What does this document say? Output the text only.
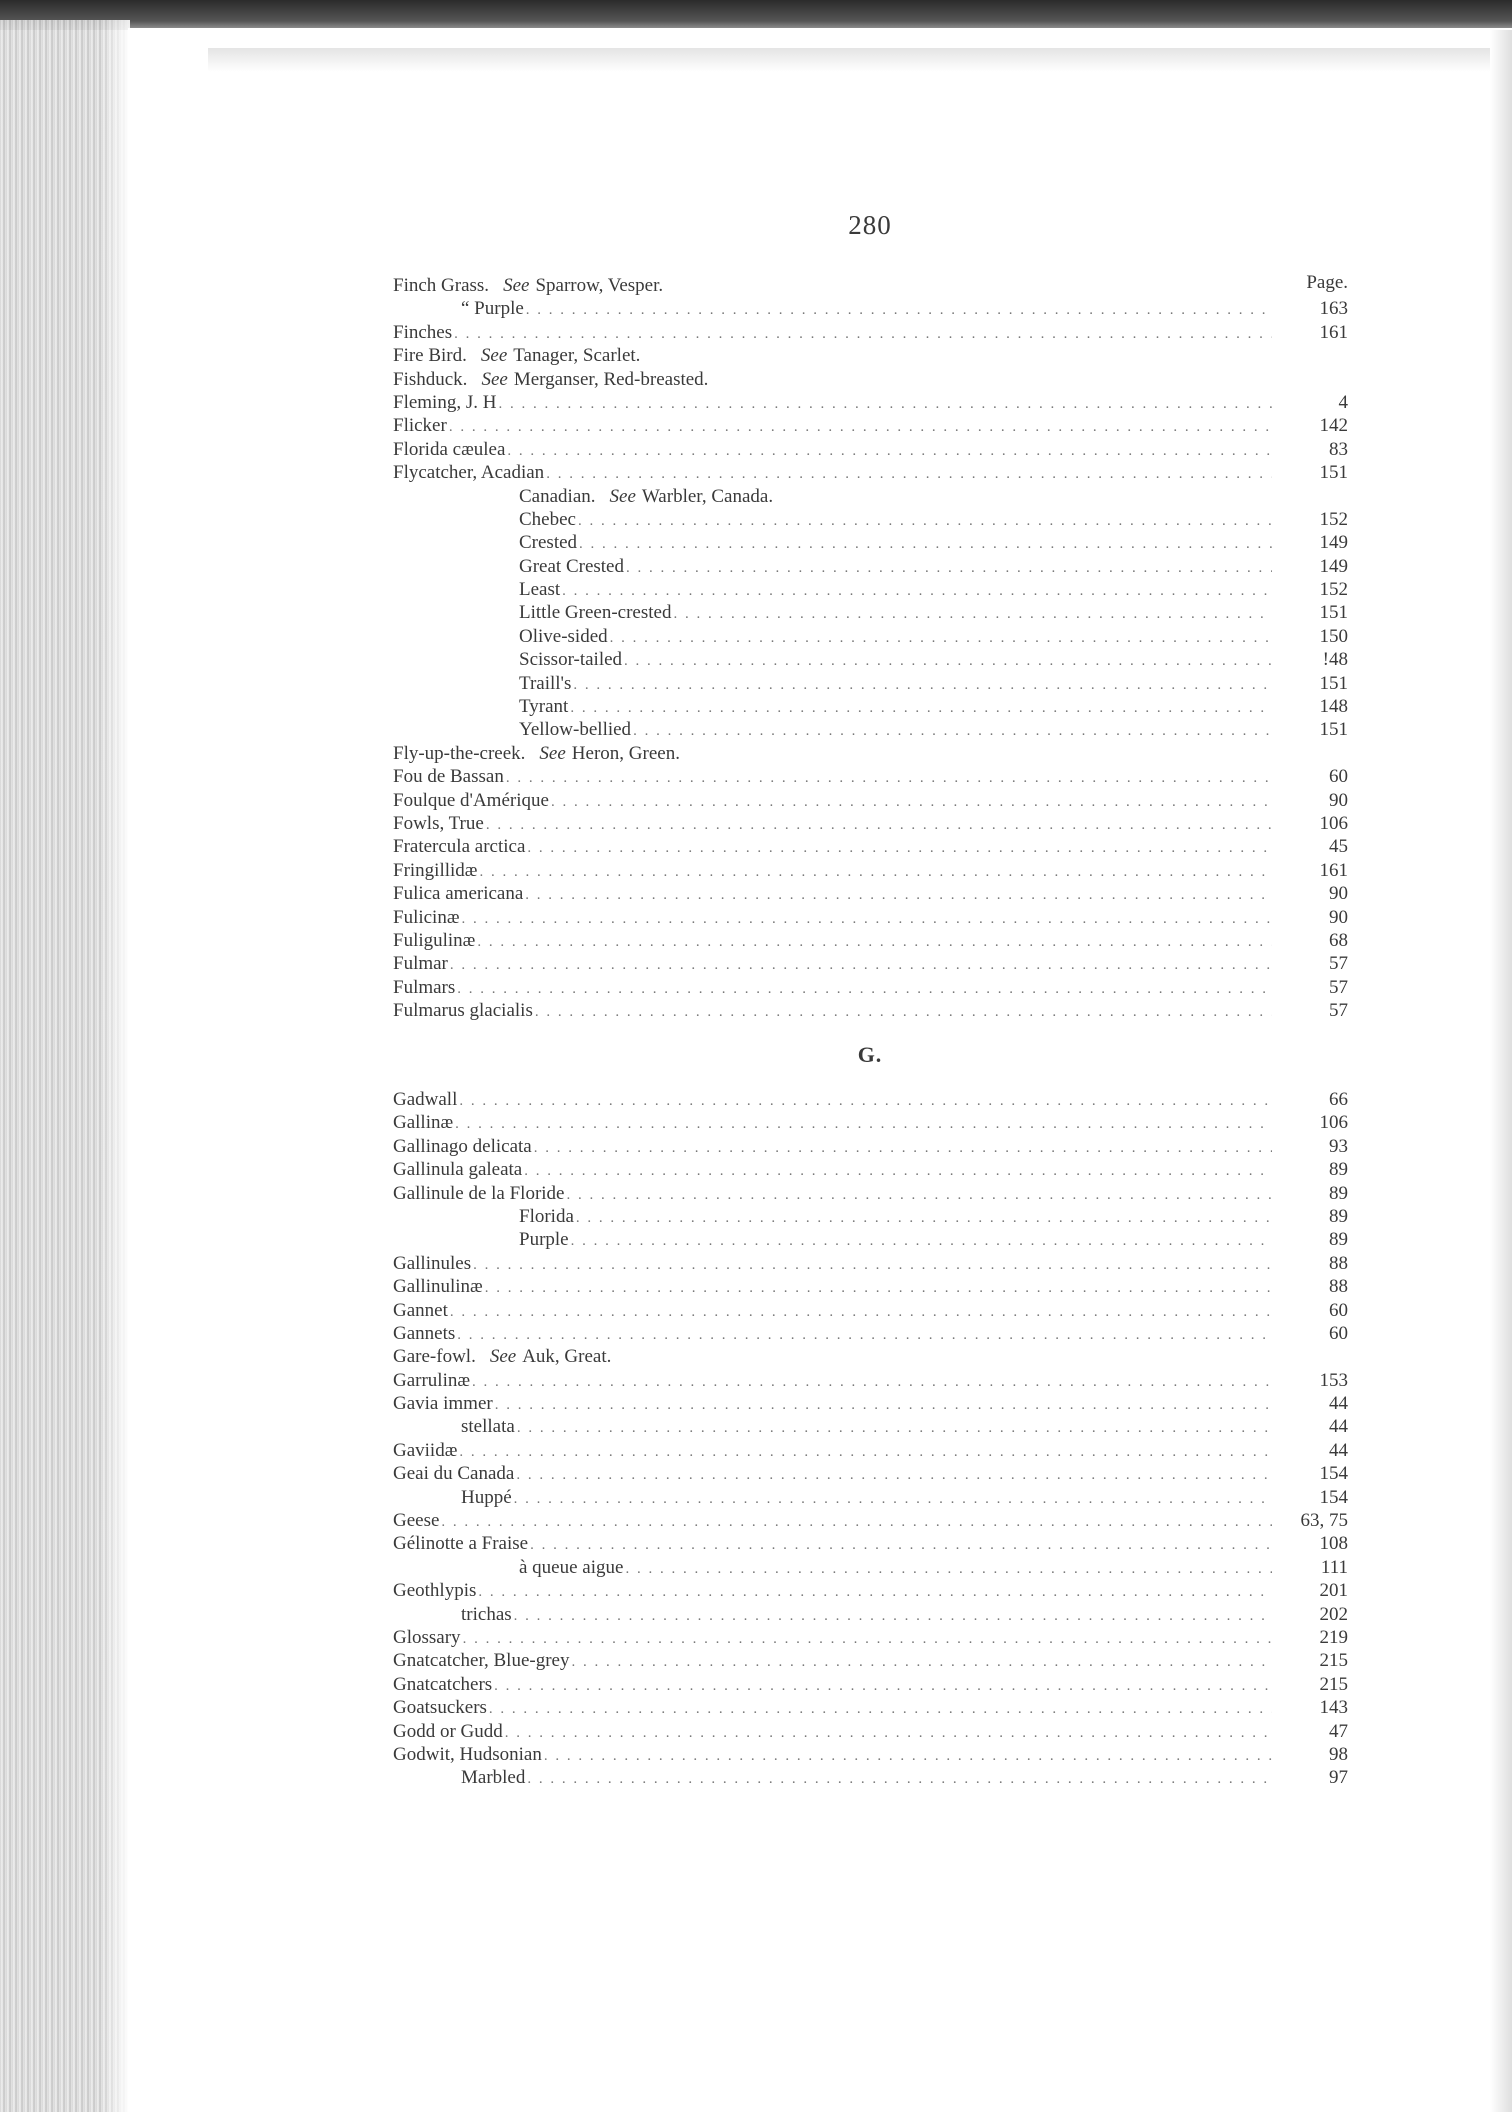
280
Page.
Finch Grass. See Sparrow, Vesper.
“ Purple . . .	163
Finches . . .	161
Fire Bird. See Tanager, Scarlet.
Fishduck. See Merganser, Red-breasted.
Fleming, J. H . . .	4
Flicker . . .	142
Florida cæulea . . .	83
Flycatcher, Acadian . . .	151
Canadian. See Warbler, Canada.
Chebec . . .	152
Crested . . .	149
Great Crested . . .	149
Least . . .	152
Little Green-crested . . .	151
Olive-sided . . .	150
Scissor-tailed . . .	!48
Traill's . . .	151
Tyrant . . .	148
Yellow-bellied . . .	151
Fly-up-the-creek. See Heron, Green.
Fou de Bassan . . .	60
Foulque d'Amérique . . .	90
Fowls, True . . .	106
Fratercula arctica . . .	45
Fringillidæ . . .	161
Fulica americana . . .	90
Fulicinæ . . .	90
Fuligulinæ . . .	68
Fulmar . . .	57
Fulmars . . .	57
Fulmarus glacialis . . .	57
G.
Gadwall . . .	66
Gallinæ . . .	106
Gallinago delicata . . .	93
Gallinula galeata . . .	89
Gallinule de la Floride . . .	89
Florida . . .	89
Purple . . .	89
Gallinules . . .	88
Gallinulinæ . . .	88
Gannet . . .	60
Gannets . . .	60
Gare-fowl. See Auk, Great.
Garrulinæ . . .	153
Gavia immer . . .	44
stellata . . .	44
Gaviidæ . . .	44
Geai du Canada . . .	154
Huppé . . .	154
Geese . . .	63, 75
Gélinotte a Fraise . . .	108
à queue aigue . . .	111
Geothlypis . . .	201
trichas . . .	202
Glossary . . .	219
Gnatcatcher, Blue-grey . . .	215
Gnatcatchers . . .	215
Goatsuckers . . .	143
Godd or Gudd . . .	47
Godwit, Hudsonian . . .	98
Marbled . . .	97
